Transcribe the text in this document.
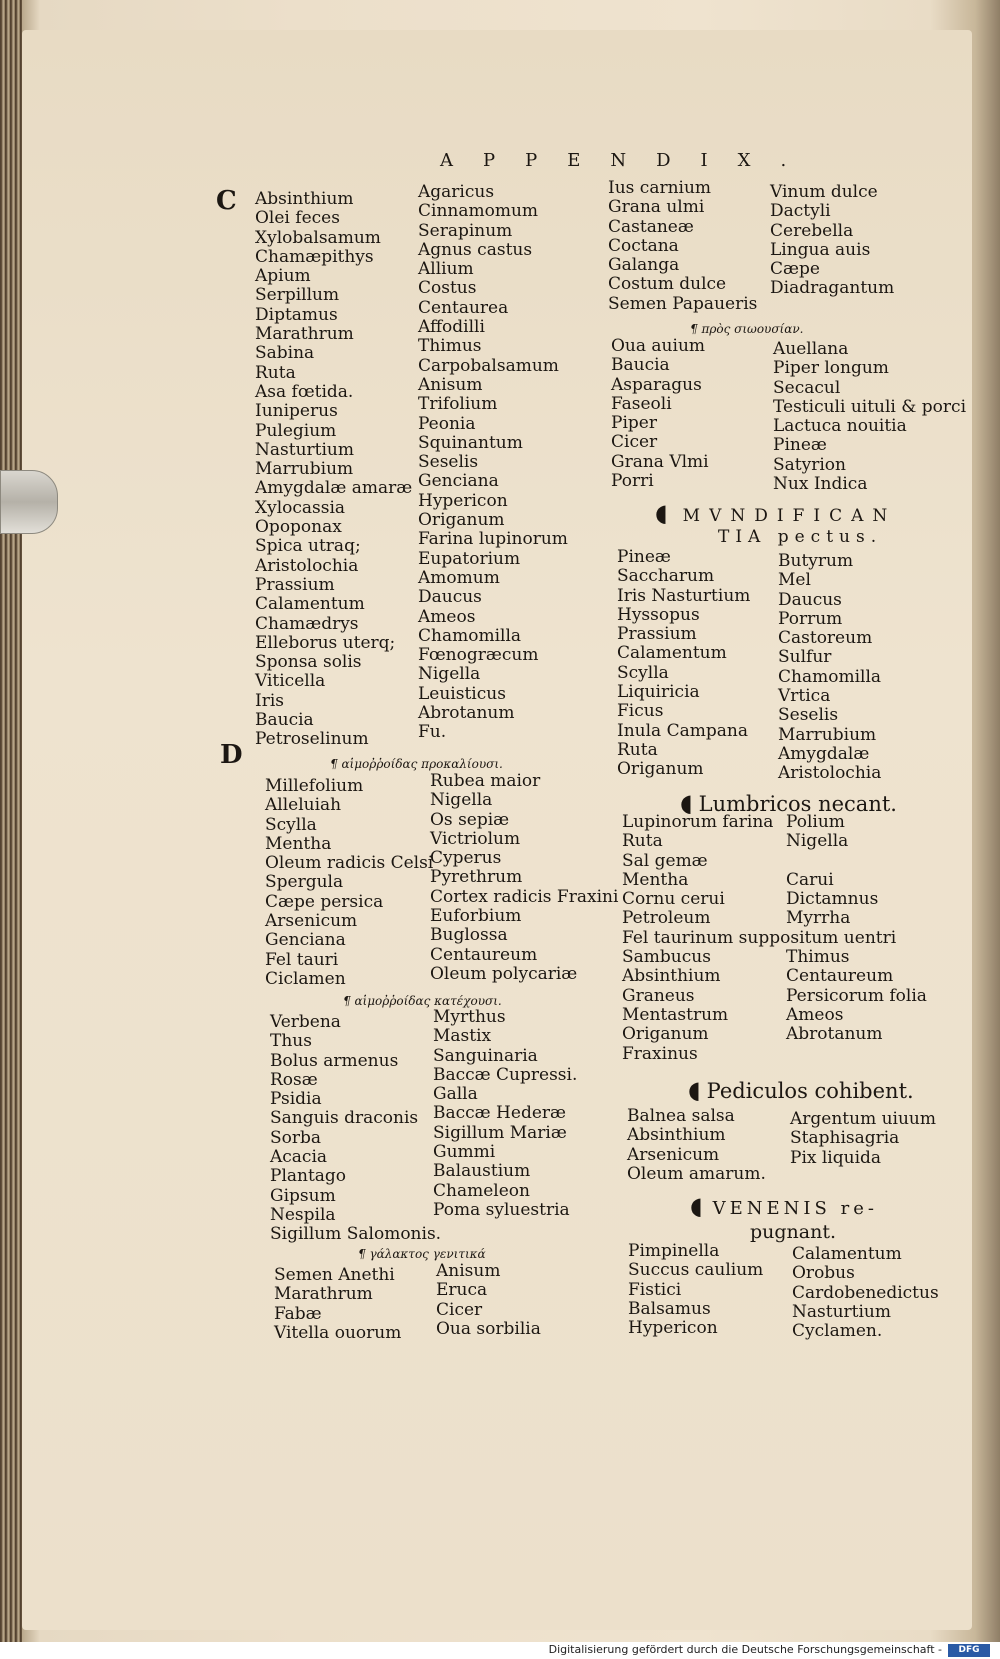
APPENDIX.
C
D
Absinthium
Olei feces
Xylobalsamum
Chamæpithys
Apium
Serpillum
Diptamus
Marathrum
Sabina
Ruta
Asa fœtida.
Iuniperus
Pulegium
Nasturtium
Marrubium
Amygdalæ amaræ
Xylocassia
Opoponax
Spica utraq;
Aristolochia
Prassium
Calamentum
Chamædrys
Elleborus uterq;
Sponsa solis
Viticella
Iris
Baucia
Petroselinum
Agaricus
Cinnamomum
Serapinum
Agnus castus
Allium
Costus
Centaurea
Affodilli
Thimus
Carpobalsamum
Anisum
Trifolium
Peonia
Squinantum
Seselis
Genciana
Hypericon
Origanum
Farina lupinorum
Eupatorium
Amomum
Daucus
Ameos
Chamomilla
Fœnogræcum
Nigella
Leuisticus
Abrotanum
Fu.
¶ αἱμοῤῥοίδας προκαλίουσι.
Millefolium
Alleluiah
Scylla
Mentha
Oleum radicis Celsi
Spergula
Cæpe persica
Arsenicum
Genciana
Fel tauri
Ciclamen
Rubea maior
Nigella
Os sepiæ
Victriolum
Cyperus
Pyrethrum
Cortex radicis Fraxini
Euforbium
Buglossa
Centaureum
Oleum polycariæ
¶ αἱμοῤῥοίδας κατέχουσι.
Verbena
Thus
Bolus armenus
Rosæ
Psidia
Sanguis draconis
Sorba
Acacia
Plantago
Gipsum
Nespila
Sigillum Salomonis.
Myrthus
Mastix
Sanguinaria
Baccæ Cupressi.
Galla
Baccæ Hederæ
Sigillum Mariæ
Gummi
Balaustium
Chameleon
Poma syluestria
¶ γάλακτος γενιτικά
Semen Anethi
Marathrum
Fabæ
Vitella ouorum
Anisum
Eruca
Cicer
Oua sorbilia
Ius carnium
Grana ulmi
Castaneæ
Coctana
Galanga
Costum dulce
Semen Papaueris
Vinum dulce
Dactyli
Cerebella
Lingua auis
Cæpe
Diadragantum
¶ πρὸς σιωουσίαν.
Oua auium
Baucia
Asparagus
Faseoli
Piper
Cicer
Grana Vlmi
Porri
Auellana
Piper longum
Secacul
Testiculi uituli & porci
Lactuca nouitia
Pineæ
Satyrion
Nux Indica
◖ MVNDIFICAN
TIA pectus.
Pineæ
Saccharum
Iris Nasturtium
Hyssopus
Prassium
Calamentum
Scylla
Liquiricia
Ficus
Inula Campana
Ruta
Origanum
Butyrum
Mel
Daucus
Porrum
Castoreum
Sulfur
Chamomilla
Vrtica
Seselis
Marrubium
Amygdalæ
Aristolochia
◖ Lumbricos necant.
Lupinorum farina
Ruta
Sal gemæ
Mentha
Cornu cerui
Petroleum
Fel taurinum suppositum uentri
Sambucus
Absinthium
Graneus
Mentastrum
Origanum
Fraxinus
Polium
Nigella
Carui
Dictamnus
Myrrha
Thimus
Centaureum
Persicorum folia
Ameos
Abrotanum
◖ Pediculos cohibent.
Balnea salsa
Absinthium
Arsenicum
Oleum amarum.
Argentum uiuum
Staphisagria
Pix liquida
◖ VENENIS re-
pugnant.
Pimpinella
Succus caulium
Fistici
Balsamus
Hypericon
Calamentum
Orobus
Cardobenedictus
Nasturtium
Cyclamen.
Digitalisierung gefördert durch die Deutsche Forschungsgemeinschaft -	DFG
